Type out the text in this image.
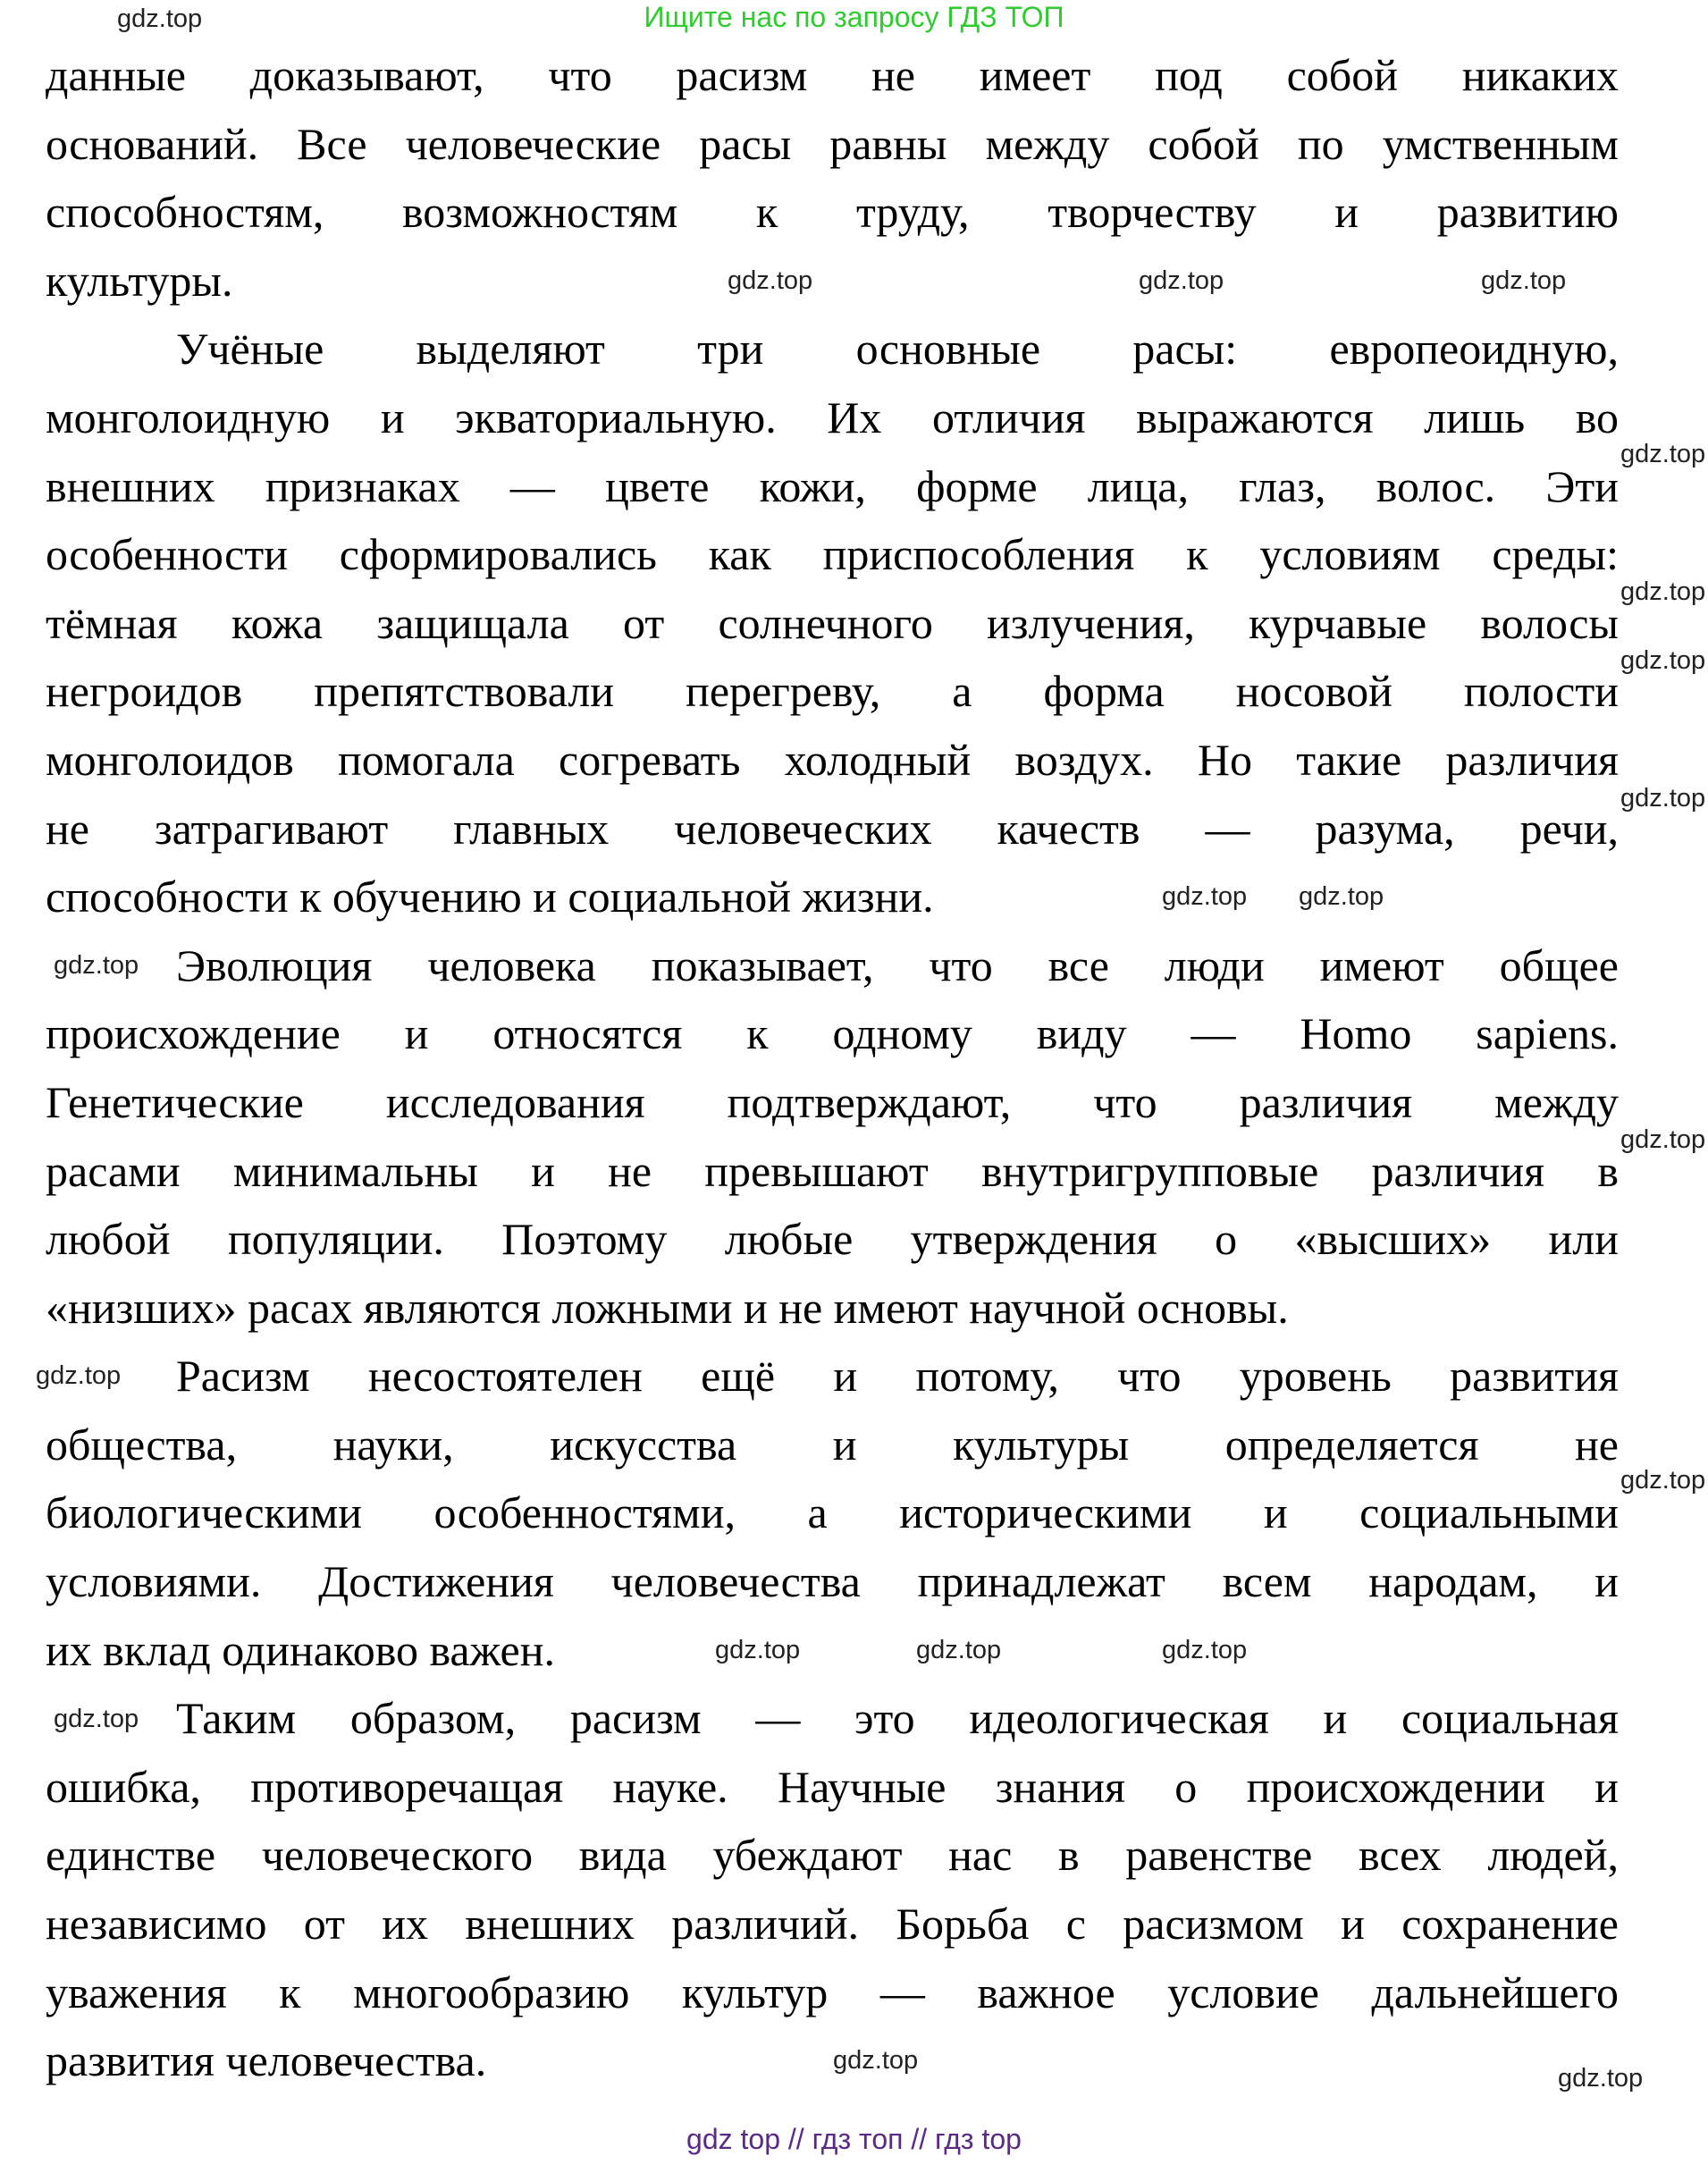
Ищите нас по запросу ГДЗ ТОП
данные доказывают, что расизм не имеет под собой никаких
оснований. Все человеческие расы равны между собой по умственным
способностям, возможностям к труду, творчеству и развитию
культуры.
Учёные выделяют три основные расы: европеоидную,
монголоидную и экваториальную. Их отличия выражаются лишь во
внешних признаках — цвете кожи, форме лица, глаз, волос. Эти
особенности сформировались как приспособления к условиям среды:
тёмная кожа защищала от солнечного излучения, курчавые волосы
негроидов препятствовали перегреву, а форма носовой полости
монголоидов помогала согревать холодный воздух. Но такие различия
не затрагивают главных человеческих качеств — разума, речи,
способности к обучению и социальной жизни.
Эволюция человека показывает, что все люди имеют общее
происхождение и относятся к одному виду — Homo sapiens.
Генетические исследования подтверждают, что различия между
расами минимальны и не превышают внутригрупповые различия в
любой популяции. Поэтому любые утверждения о «высших» или
«низших» расах являются ложными и не имеют научной основы.
Расизм несостоятелен ещё и потому, что уровень развития
общества, науки, искусства и культуры определяется не
биологическими особенностями, а историческими и социальными
условиями. Достижения человечества принадлежат всем народам, и
их вклад одинаково важен.
Таким образом, расизм — это идеологическая и социальная
ошибка, противоречащая науке. Научные знания о происхождении и
единстве человеческого вида убеждают нас в равенстве всех людей,
независимо от их внешних различий. Борьба с расизмом и сохранение
уважения к многообразию культур — важное условие дальнейшего
развития человечества.
gdz.top
gdz.top	gdz.top	gdz.top
gdz.top
gdz.top
gdz.top
gdz.top
gdz.top
gdz.top
gdz.top
gdz.top
gdz.top
gdz.top
gdz.top	gdz.top
gdz.top
gdz.top
gdz.top
gdz.top
gdz top // гдз топ // гдз top
